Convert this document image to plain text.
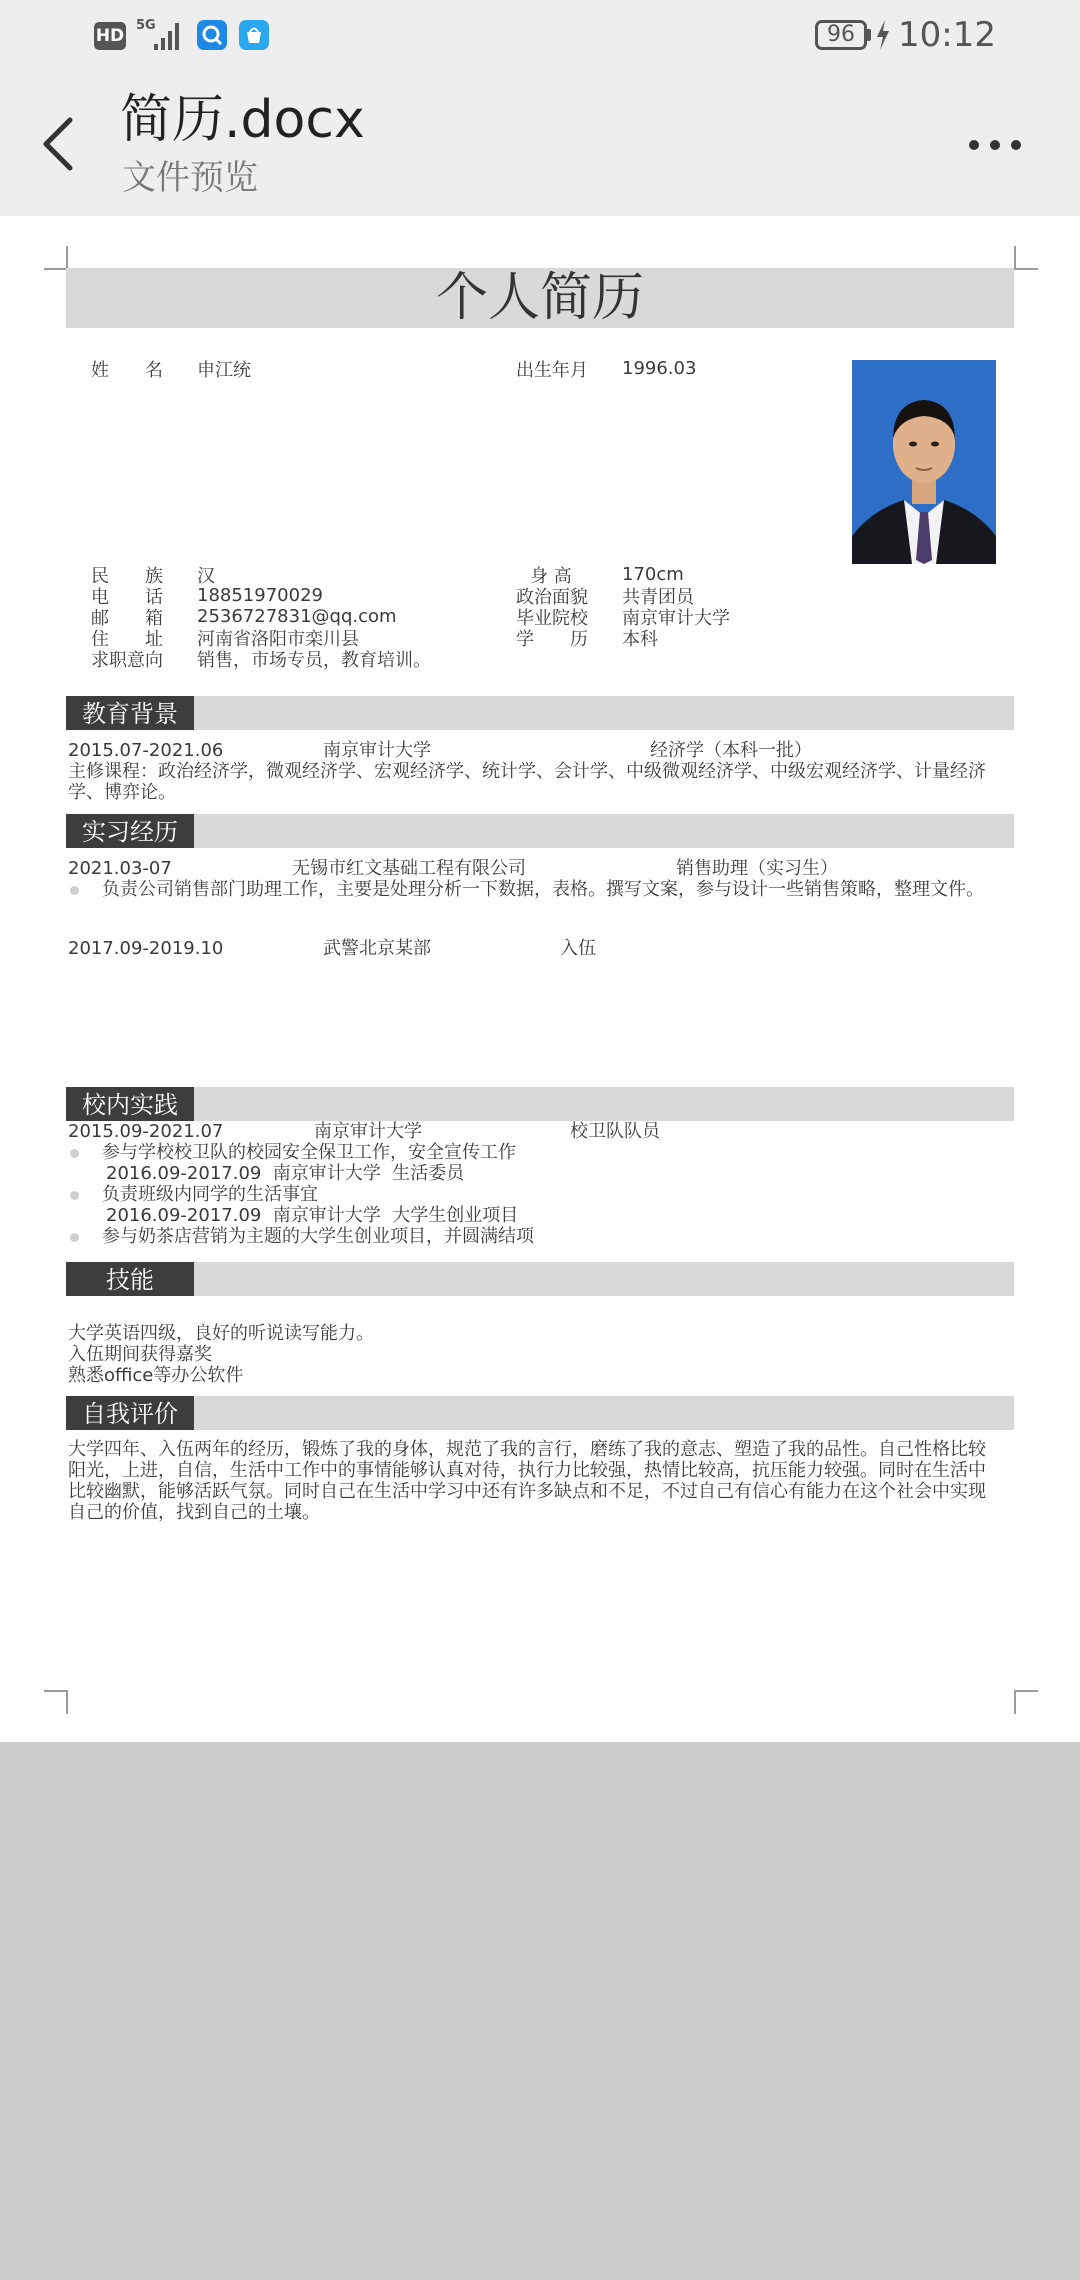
HD
5G	96	10:12
简历.docx
文件预览
个人简历
姓　　名 申江统	出生年月 1996.03
民　　族 汉	身 高	170cm
电　　话 18851970029	政治面貌 共青团员
邮　　箱 2536727831@qq.com	毕业院校 南京审计大学
住　　址 河南省洛阳市栾川县	学　　历 本科
求职意向 销售，市场专员，教育培训。
教育背景
2015.07-2021.06	南京审计大学	经济学（本科一批）
主修课程：政治经济学，微观经济学、宏观经济学、统计学、会计学、中级微观经济学、中级宏观经济学、计量经济
学、博弈论。
实习经历
2021.03-07	无锡市红文基础工程有限公司	销售助理（实习生）
负责公司销售部门助理工作，主要是处理分析一下数据，表格。撰写文案，参与设计一些销售策略，整理文件。
2017.09-2019.10	武警北京某部	入伍
校内实践
2015.09-2021.07	南京审计大学	校卫队队员
参与学校校卫队的校园安全保卫工作，安全宣传工作
2016.09-2017.09  南京审计大学  生活委员
负责班级内同学的生活事宜
2016.09-2017.09  南京审计大学  大学生创业项目
参与奶茶店营销为主题的大学生创业项目，并圆满结项
技能
大学英语四级，良好的听说读写能力。
入伍期间获得嘉奖
熟悉office等办公软件
自我评价
大学四年、入伍两年的经历，锻炼了我的身体，规范了我的言行，磨练了我的意志、塑造了我的品性。自己性格比较
阳光，上进，自信，生活中工作中的事情能够认真对待，执行力比较强，热情比较高，抗压能力较强。同时在生活中
比较幽默，能够活跃气氛。同时自己在生活中学习中还有许多缺点和不足，不过自己有信心有能力在这个社会中实现
自己的价值，找到自己的土壤。
